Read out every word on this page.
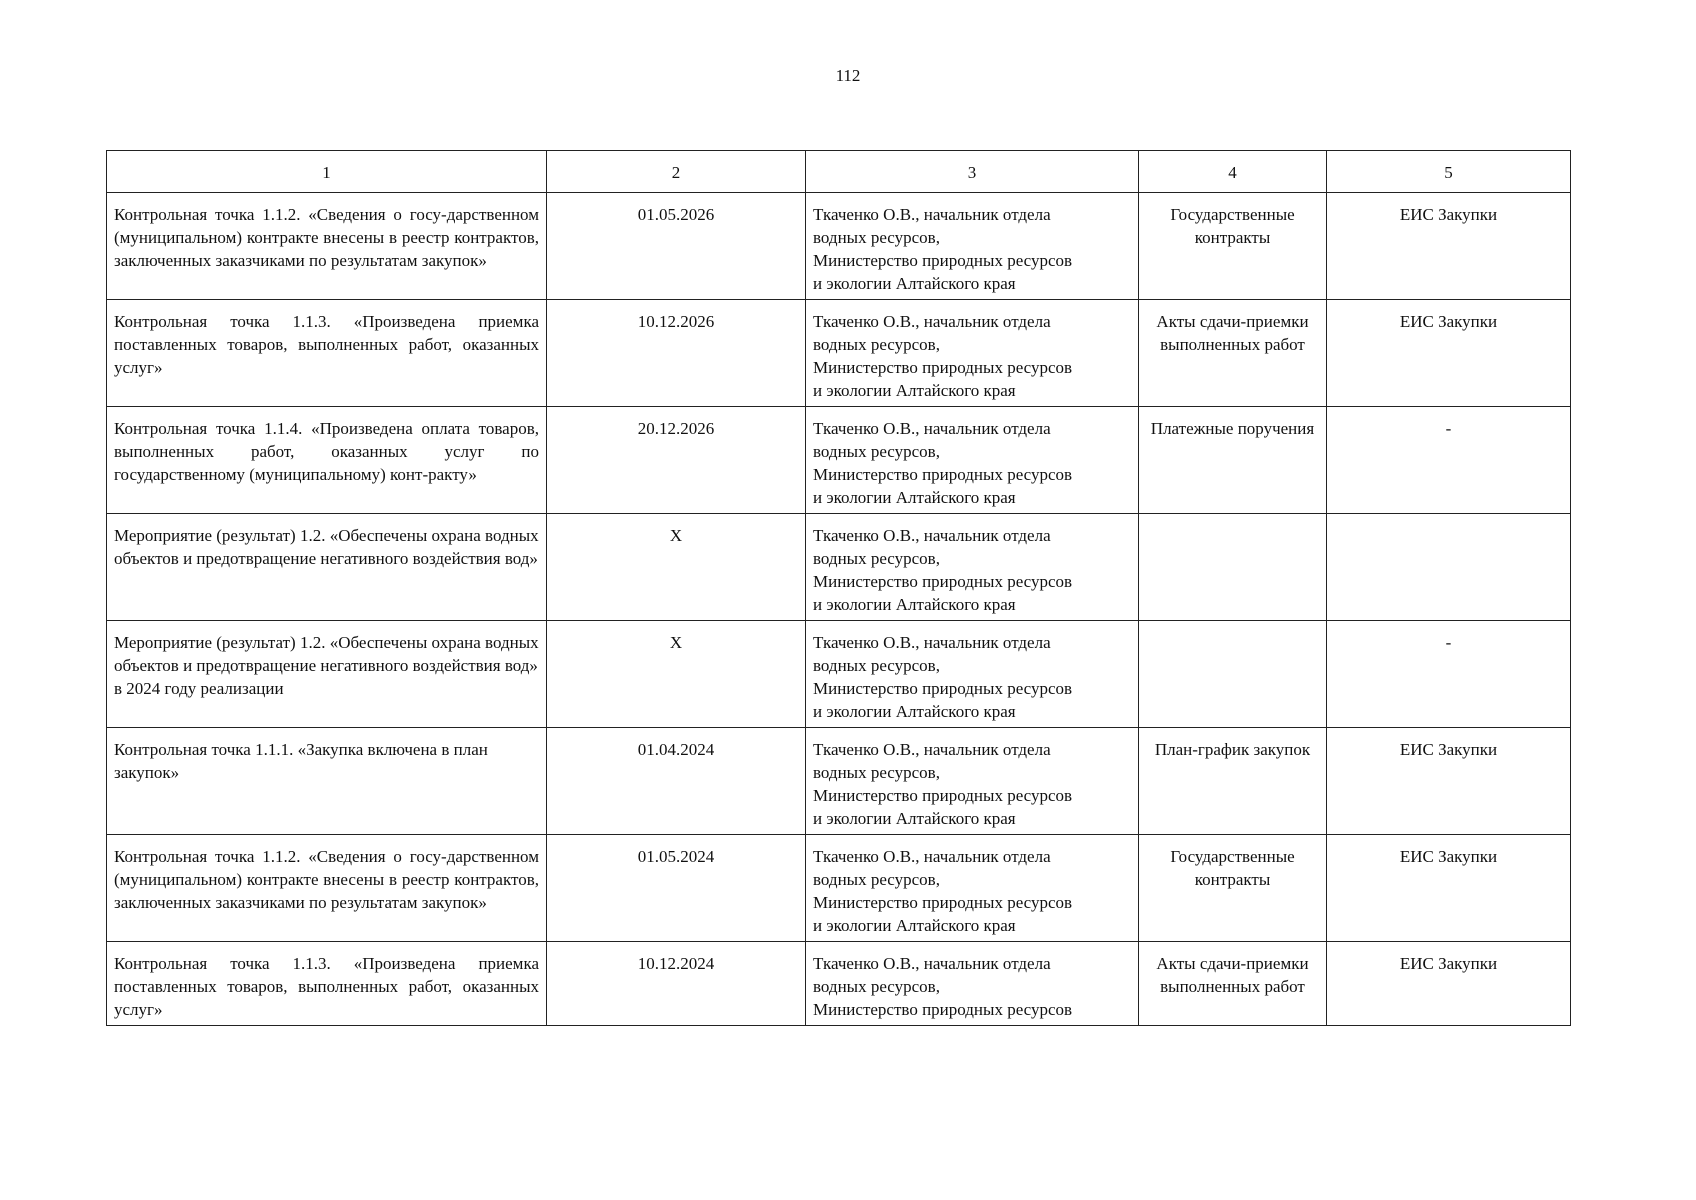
112
1	2	3	4	5
Контрольная точка 1.1.2. «Сведения о госу-дарственном (муниципальном) контракте внесены в реестр контрактов, заключенных заказчиками по результатам закупок»	01.05.2026	Ткаченко О.В., начальник отдела
водных ресурсов,
Министерство природных ресурсов
и экологии Алтайского края	Государственные контракты	ЕИС Закупки
Контрольная точка 1.1.3. «Произведена приемка поставленных товаров, выполненных работ, оказанных услуг»	10.12.2026	Ткаченко О.В., начальник отдела
водных ресурсов,
Министерство природных ресурсов
и экологии Алтайского края	Акты сдачи-приемки выполненных работ	ЕИС Закупки
Контрольная точка 1.1.4. «Произведена оплата товаров, выполненных работ, оказанных услуг по государственному (муниципальному) конт-ракту»	20.12.2026	Ткаченко О.В., начальник отдела
водных ресурсов,
Министерство природных ресурсов
и экологии Алтайского края	Платежные поручения	-
Мероприятие (результат) 1.2. «Обеспечены охрана водных объектов и предотвращение негативного воздействия вод»	X	Ткаченко О.В., начальник отдела
водных ресурсов,
Министерство природных ресурсов
и экологии Алтайского края		

Мероприятие (результат) 1.2. «Обеспечены охрана водных объектов и предотвращение негативного воздействия вод» в 2024 году реализации	X	Ткаченко О.В., начальник отдела
водных ресурсов,
Министерство природных ресурсов
и экологии Алтайского края		-
Контрольная точка 1.1.1. «Закупка включена в план закупок»	01.04.2024	Ткаченко О.В., начальник отдела
водных ресурсов,
Министерство природных ресурсов
и экологии Алтайского края	План-график закупок	ЕИС Закупки
Контрольная точка 1.1.2. «Сведения о госу-дарственном (муниципальном) контракте внесены в реестр контрактов, заключенных заказчиками по результатам закупок»	01.05.2024	Ткаченко О.В., начальник отдела
водных ресурсов,
Министерство природных ресурсов
и экологии Алтайского края	Государственные контракты	ЕИС Закупки
Контрольная точка 1.1.3. «Произведена приемка поставленных товаров, выполненных работ, оказанных услуг»	10.12.2024	Ткаченко О.В., начальник отдела
водных ресурсов,
Министерство природных ресурсов	Акты сдачи-приемки выполненных работ	ЕИС Закупки
